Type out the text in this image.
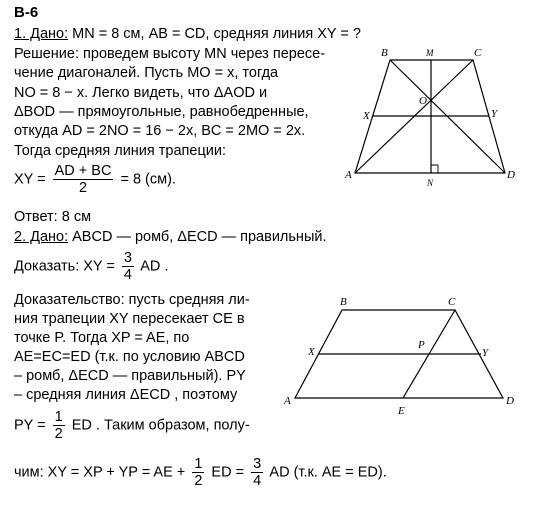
В-6
1. Дано: MN = 8 см, AB = CD, средняя линия XY = ?
Решение: проведем высоту MN через пересе-
чение диагоналей. Пусть MO = x, тогда
NO = 8 − x. Легко видеть, что ΔAOD и
ΔBOD — прямоугольные, равнобедренные,
откуда AD = 2NO = 16 − 2x, BC = 2MO = 2x.
Тогда средняя линия трапеции:
XY = $\frac{AD + BC}{2} = 8$ (см).
Ответ: 8 см
2. Дано: ABCD — ромб, ΔECD — правильный.
Доказать: XY = $\frac{3}{4}$ AD .
Доказательство: пусть средняя ли-
ния трапеции XY пересекает CE в
точке P. Тогда XP = AE, по
AE=EC=ED (т.к. по условию ABCD
– ромб, ΔECD — правильный). PY
– средняя линия ΔECD , поэтому
PY = $\frac{1}{2}$ ED . Таким образом, полу-
чим: XY = XP + YP = AE + $\frac{1}{2}$ ED = $\frac{3}{4}$ AD (т.к. AE = ED).
B	M	C
O
X	Y
A
N
D
B	C
X
P
Y
A
E
D
